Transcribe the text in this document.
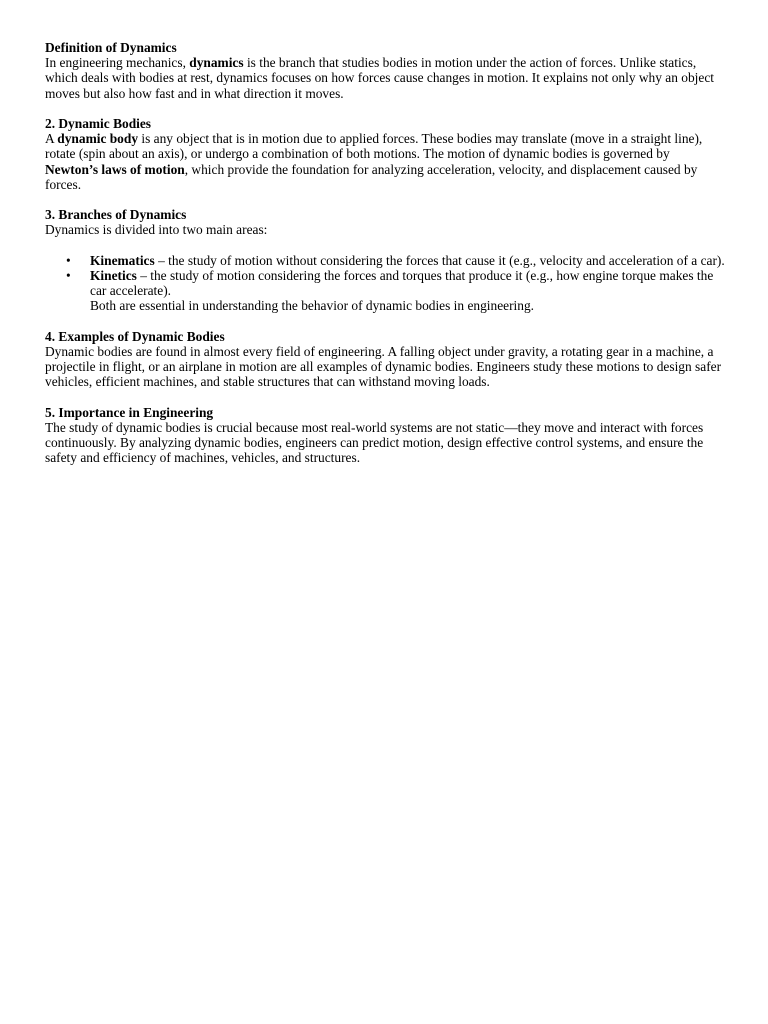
Definition of Dynamics

In engineering mechanics, dynamics is the branch that studies bodies in motion under the action of forces. Unlike statics, which deals with bodies at rest, dynamics focuses on how forces cause changes in motion. It explains not only why an object moves but also how fast and in what direction it moves.

2. Dynamic Bodies

A dynamic body is any object that is in motion due to applied forces. These bodies may translate (move in a straight line), rotate (spin about an axis), or undergo a combination of both motions. The motion of dynamic bodies is governed by Newton’s laws of motion, which provide the foundation for analyzing acceleration, velocity, and displacement caused by forces.

3. Branches of Dynamics

Dynamics is divided into two main areas:

•	Kinematics – the study of motion without considering the forces that cause it (e.g., velocity and acceleration of a car).
•	Kinetics – the study of motion considering the forces and torques that produce it (e.g., how engine torque makes the car accelerate).

Both are essential in understanding the behavior of dynamic bodies in engineering.

4. Examples of Dynamic Bodies

Dynamic bodies are found in almost every field of engineering. A falling object under gravity, a rotating gear in a machine, a projectile in flight, or an airplane in motion are all examples of dynamic bodies. Engineers study these motions to design safer vehicles, efficient machines, and stable structures that can withstand moving loads.

5. Importance in Engineering

The study of dynamic bodies is crucial because most real-world systems are not static—they move and interact with forces continuously. By analyzing dynamic bodies, engineers can predict motion, design effective control systems, and ensure the safety and efficiency of machines, vehicles, and structures.
